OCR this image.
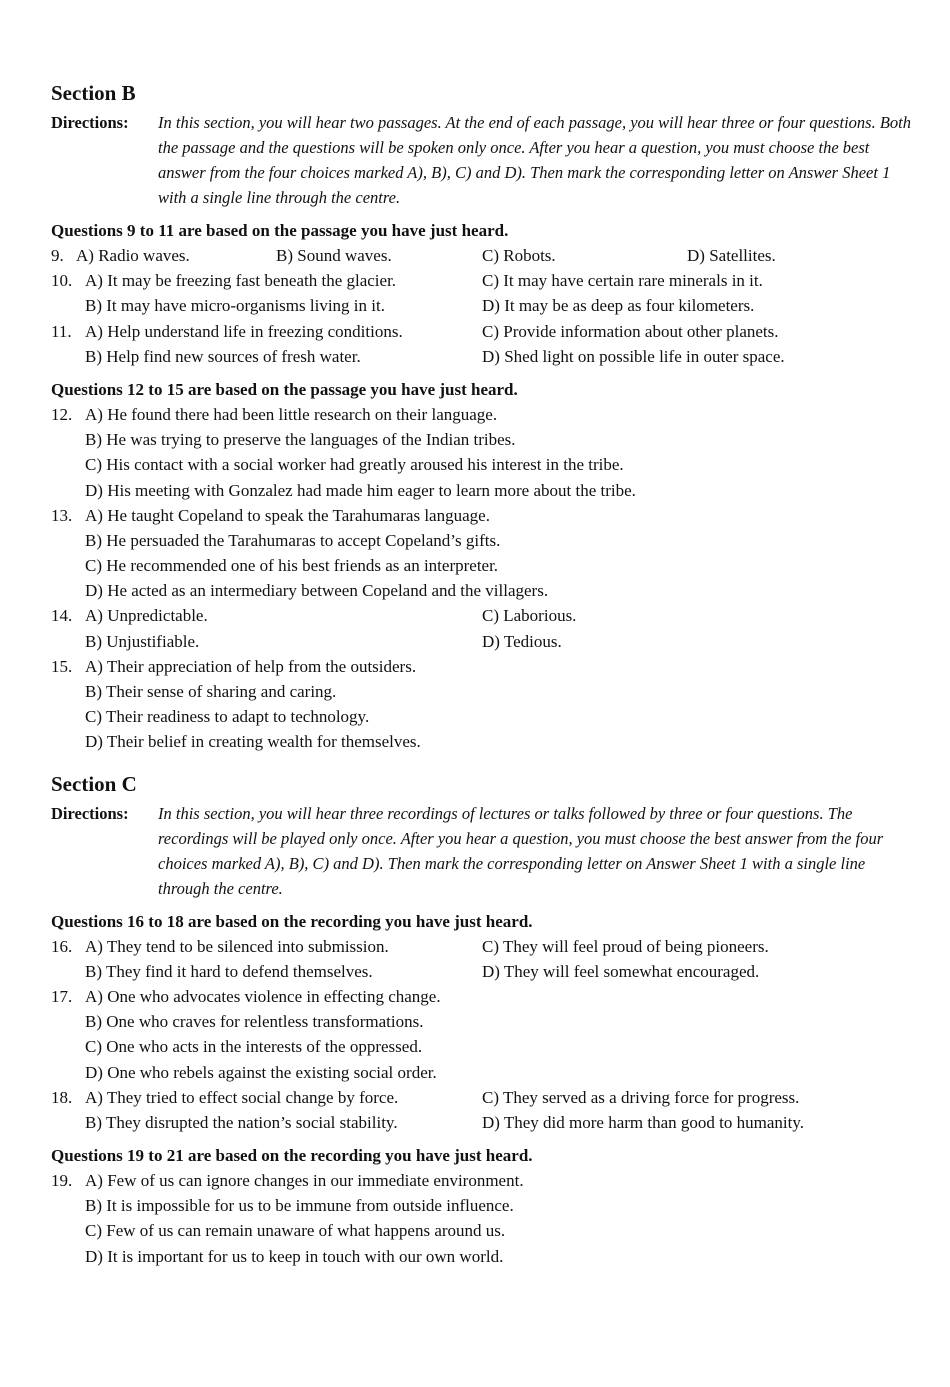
Section B
Directions: In this section, you will hear two passages. At the end of each passage, you will hear three or four questions. Both the passage and the questions will be spoken only once. After you hear a question, you must choose the best answer from the four choices marked A), B), C) and D). Then mark the corresponding letter on Answer Sheet 1 with a single line through the centre.
Questions 9 to 11 are based on the passage you have just heard.
9. A) Radio waves.	B) Sound waves.	C) Robots.	D) Satellites.
10. A) It may be freezing fast beneath the glacier.	C) It may have certain rare minerals in it.
B) It may have micro-organisms living in it.	D) It may be as deep as four kilometers.
11. A) Help understand life in freezing conditions.	C) Provide information about other planets.
B) Help find new sources of fresh water.	D) Shed light on possible life in outer space.
Questions 12 to 15 are based on the passage you have just heard.
12. A) He found there had been little research on their language.
B) He was trying to preserve the languages of the Indian tribes.
C) His contact with a social worker had greatly aroused his interest in the tribe.
D) His meeting with Gonzalez had made him eager to learn more about the tribe.
13. A) He taught Copeland to speak the Tarahumaras language.
B) He persuaded the Tarahumaras to accept Copeland’s gifts.
C) He recommended one of his best friends as an interpreter.
D) He acted as an intermediary between Copeland and the villagers.
14. A) Unpredictable.	C) Laborious.
B) Unjustifiable.	D) Tedious.
15. A) Their appreciation of help from the outsiders.
B) Their sense of sharing and caring.
C) Their readiness to adapt to technology.
D) Their belief in creating wealth for themselves.
Section C
Directions: In this section, you will hear three recordings of lectures or talks followed by three or four questions. The recordings will be played only once. After you hear a question, you must choose the best answer from the four choices marked A), B), C) and D). Then mark the corresponding letter on Answer Sheet 1 with a single line through the centre.
Questions 16 to 18 are based on the recording you have just heard.
16. A) They tend to be silenced into submission.	C) They will feel proud of being pioneers.
B) They find it hard to defend themselves.	D) They will feel somewhat encouraged.
17. A) One who advocates violence in effecting change.
B) One who craves for relentless transformations.
C) One who acts in the interests of the oppressed.
D) One who rebels against the existing social order.
18. A) They tried to effect social change by force.	C) They served as a driving force for progress.
B) They disrupted the nation’s social stability.	D) They did more harm than good to humanity.
Questions 19 to 21 are based on the recording you have just heard.
19. A) Few of us can ignore changes in our immediate environment.
B) It is impossible for us to be immune from outside influence.
C) Few of us can remain unaware of what happens around us.
D) It is important for us to keep in touch with our own world.
